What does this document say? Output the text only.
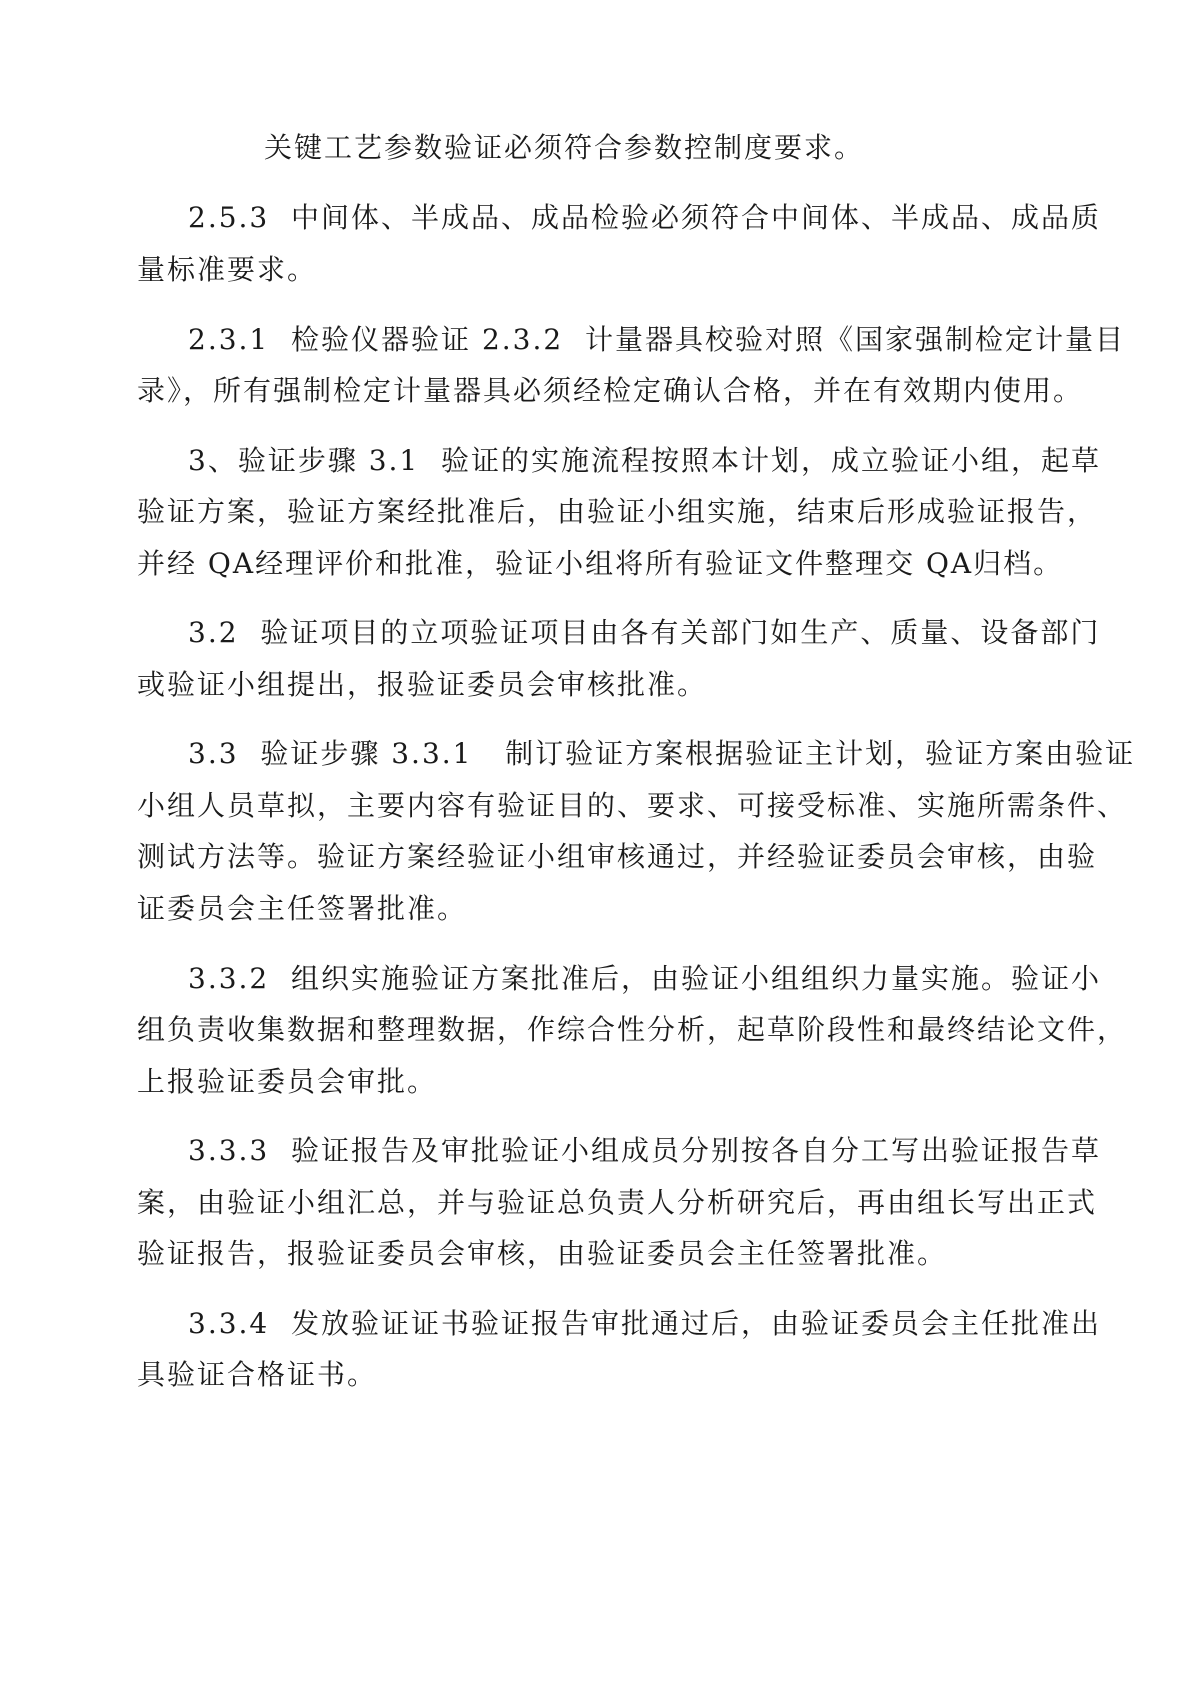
关键工艺参数验证必须符合参数控制度要求。

2.5.3  中间体、半成品、成品检验必须符合中间体、半成品、成品质

量标准要求。

2.3.1  检验仪器验证 2.3.2  计量器具校验对照《国家强制检定计量目

录》，所有强制检定计量器具必须经检定确认合格，并在有效期内使用。

3、验证步骤 3.1  验证的实施流程按照本计划，成立验证小组，起草

验证方案，验证方案经批准后，由验证小组实施，结束后形成验证报告，

并经 QA经理评价和批准，验证小组将所有验证文件整理交 QA归档。

3.2  验证项目的立项验证项目由各有关部门如生产、质量、设备部门

或验证小组提出，报验证委员会审核批准。

3.3  验证步骤 3.3.1   制订验证方案根据验证主计划，验证方案由验证

小组人员草拟，主要内容有验证目的、要求、可接受标准、实施所需条件、

测试方法等。验证方案经验证小组审核通过，并经验证委员会审核，由验

证委员会主任签署批准。

3.3.2  组织实施验证方案批准后，由验证小组组织力量实施。验证小

组负责收集数据和整理数据，作综合性分析，起草阶段性和最终结论文件，

上报验证委员会审批。

3.3.3  验证报告及审批验证小组成员分别按各自分工写出验证报告草

案，由验证小组汇总，并与验证总负责人分析研究后，再由组长写出正式

验证报告，报验证委员会审核，由验证委员会主任签署批准。

3.3.4  发放验证证书验证报告审批通过后，由验证委员会主任批准出

具验证合格证书。
